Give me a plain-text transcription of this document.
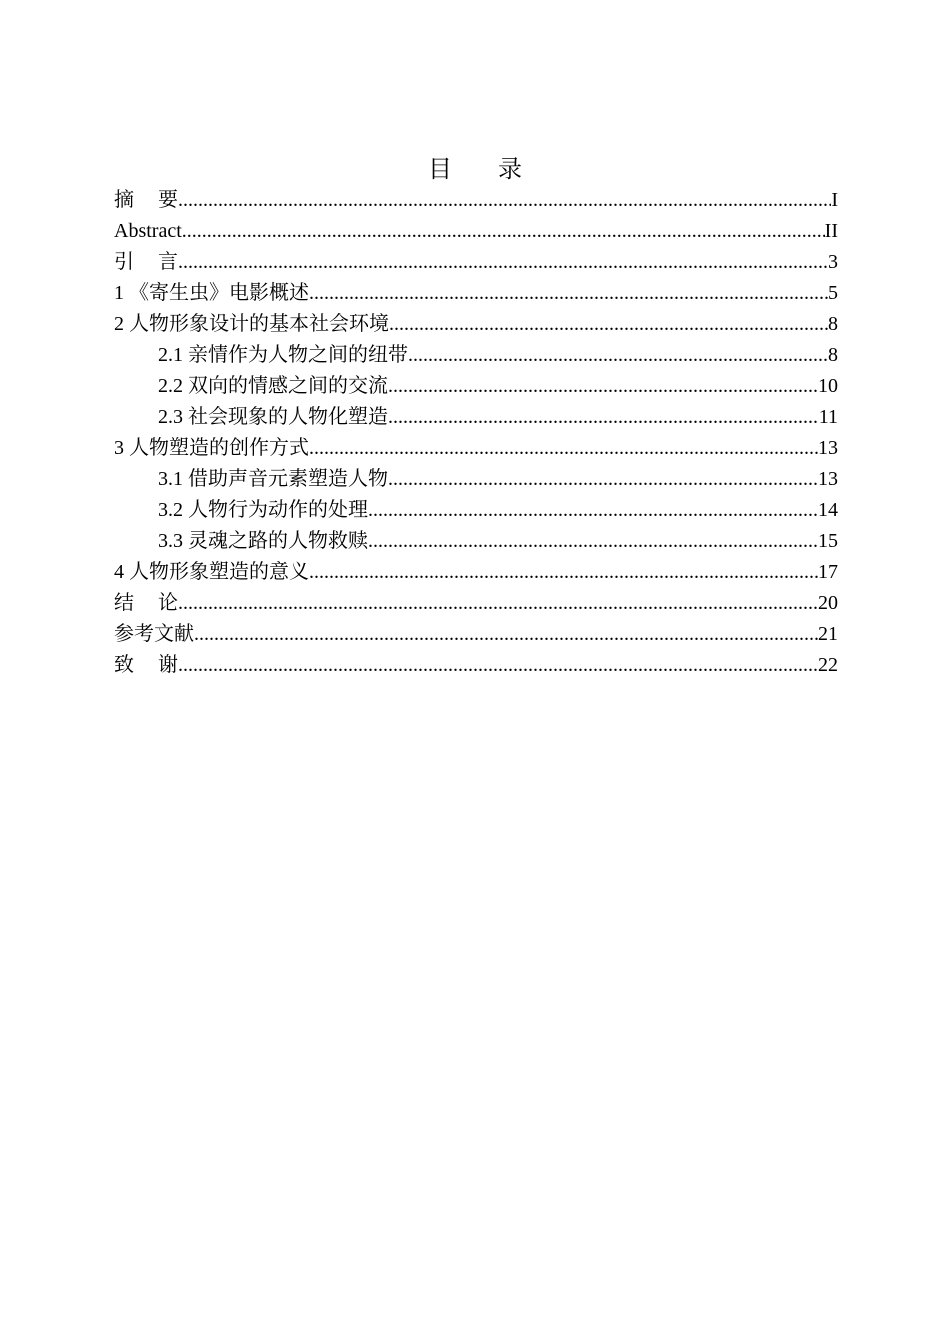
目 录
摘 要 .....	I
Abstract .....	II
引 言 .....	3
1 《寄生虫》电影概述 .....	5
2 人物形象设计的基本社会环境 .....	8
2.1 亲情作为人物之间的纽带 .....	8
2.2 双向的情感之间的交流 .....	10
2.3 社会现象的人物化塑造 .....	11
3 人物塑造的创作方式 .....	13
3.1 借助声音元素塑造人物 .....	13
3.2 人物行为动作的处理 .....	14
3.3 灵魂之路的人物救赎 .....	15
4 人物形象塑造的意义 .....	17
结 论 .....	20
参考文献 .....	21
致 谢 .....	22
